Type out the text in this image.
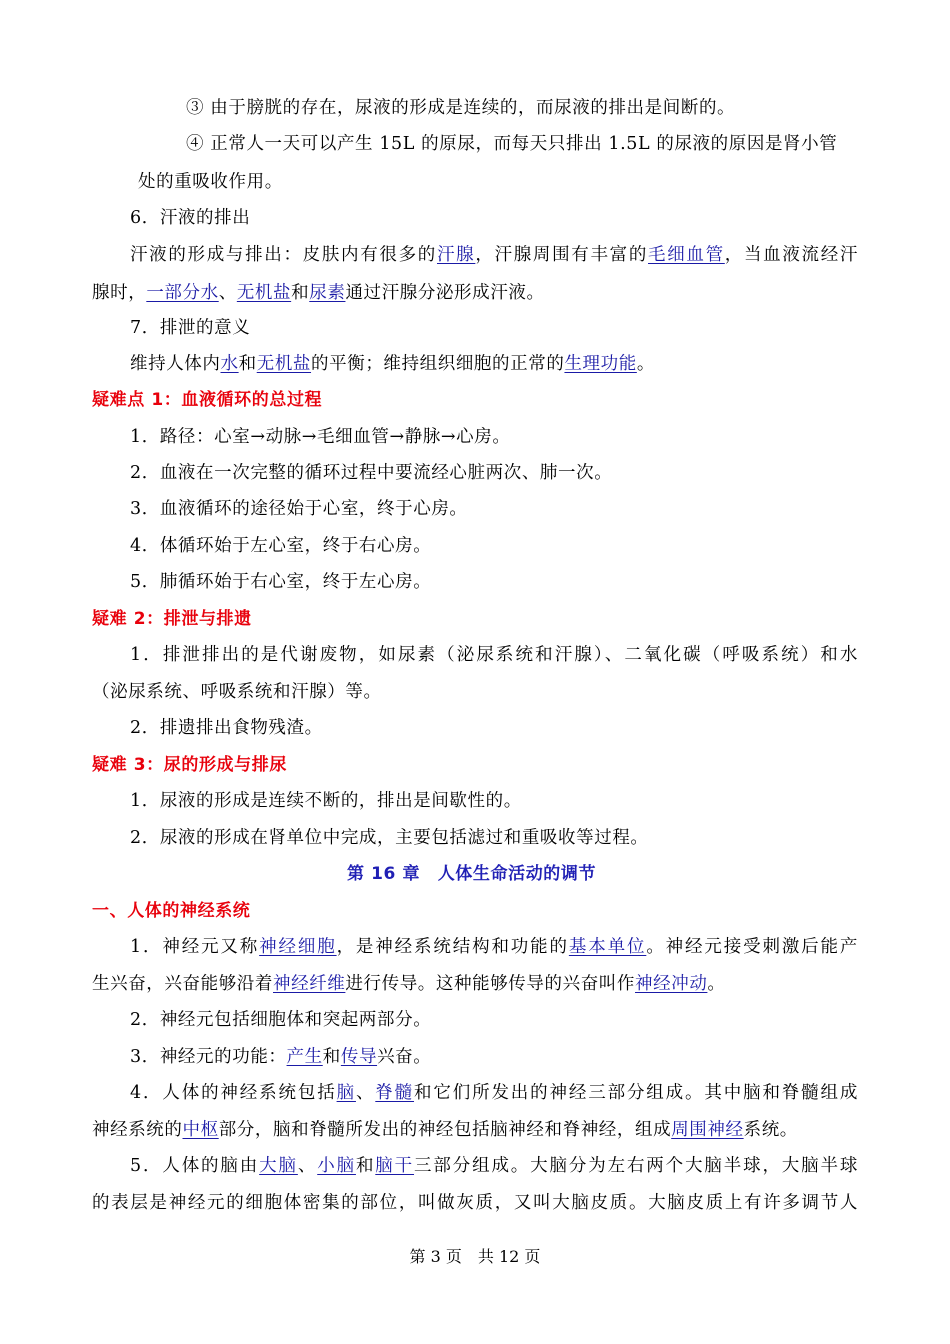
③ 由于膀胱的存在，尿液的形成是连续的，而尿液的排出是间断的。
④ 正常人一天可以产生 15L 的原尿，而每天只排出 1.5L 的尿液的原因是肾小管
处的重吸收作用。
6．汗液的排出
汗液的形成与排出：皮肤内有很多的汗腺，汗腺周围有丰富的毛细血管，当血液流经汗
腺时，一部分水、无机盐和尿素通过汗腺分泌形成汗液。
7．排泄的意义
维持人体内水和无机盐的平衡；维持组织细胞的正常的生理功能。
疑难点 1：血液循环的总过程
1．路径：心室→动脉→毛细血管→静脉→心房。
2．血液在一次完整的循环过程中要流经心脏两次、肺一次。
3．血液循环的途径始于心室，终于心房。
4．体循环始于左心室，终于右心房。
5．肺循环始于右心室，终于左心房。
疑难 2：排泄与排遗
1．排泄排出的是代谢废物，如尿素（泌尿系统和汗腺）、二氧化碳（呼吸系统）和水
（泌尿系统、呼吸系统和汗腺）等。
2．排遗排出食物残渣。
疑难 3：尿的形成与排尿
1．尿液的形成是连续不断的，排出是间歇性的。
2．尿液的形成在肾单位中完成，主要包括滤过和重吸收等过程。
第 16 章　人体生命活动的调节
一、人体的神经系统
1．神经元又称神经细胞，是神经系统结构和功能的基本单位。神经元接受刺激后能产
生兴奋，兴奋能够沿着神经纤维进行传导。这种能够传导的兴奋叫作神经冲动。
2．神经元包括细胞体和突起两部分。
3．神经元的功能：产生和传导兴奋。
4．人体的神经系统包括脑、脊髓和它们所发出的神经三部分组成。其中脑和脊髓组成
神经系统的中枢部分，脑和脊髓所发出的神经包括脑神经和脊神经，组成周围神经系统。
5．人体的脑由大脑、小脑和脑干三部分组成。大脑分为左右两个大脑半球，大脑半球
的表层是神经元的细胞体密集的部位，叫做灰质，又叫大脑皮质。大脑皮质上有许多调节人
第 3 页　共 12 页
